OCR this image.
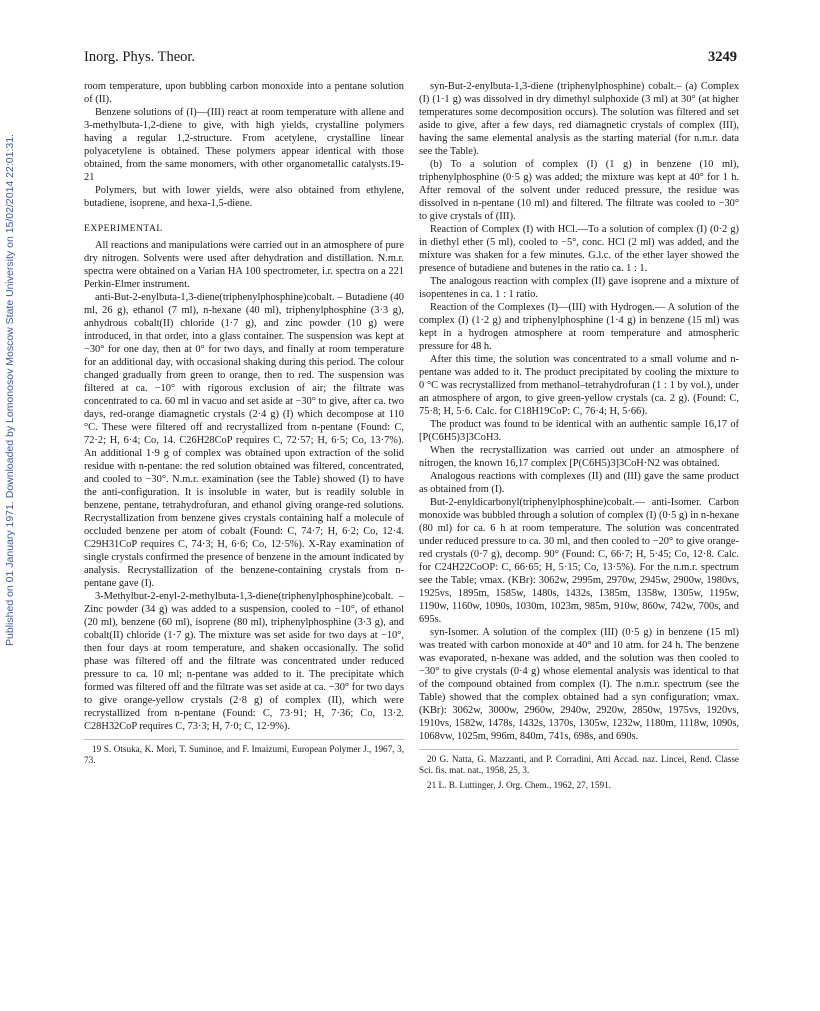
Published on 01 January 1971. Downloaded by Lomonosov Moscow State University on 15/02/2014 22:01:31.
Inorg. Phys. Theor.	3249

room temperature, upon bubbling carbon monoxide into a pentane solution of (II).

Benzene solutions of (I)—(III) react at room temperature with allene and 3-methylbuta-1,2-diene to give, with high yields, crystalline polymers having a regular 1,2-structure. From acetylene, crystalline linear polyacetylene is obtained. These polymers appear identical with those obtained, from the same monomers, with other organometallic catalysts.19-21

Polymers, but with lower yields, were also obtained from ethylene, butadiene, isoprene, and hexa-1,5-diene.

EXPERIMENTAL

All reactions and manipulations were carried out in an atmosphere of pure dry nitrogen. Solvents were used after dehydration and distillation. N.m.r. spectra were obtained on a Varian HA 100 spectrometer, i.r. spectra on a 221 Perkin-Elmer instrument.

anti-But-2-enylbuta-1,3-diene(triphenylphosphine)cobalt. – Butadiene (40 ml, 26 g), ethanol (7 ml), n-hexane (40 ml), triphenylphosphine (3·3 g), anhydrous cobalt(II) chloride (1·7 g), and zinc powder (10 g) were introduced, in that order, into a glass container. The suspension was kept at −30° for one day, then at 0° for two days, and finally at room temperature for an additional day, with occasional shaking during this period. The colour changed gradually from green to orange, then to red. The suspension was filtered at ca. −10° with rigorous exclusion of air; the filtrate was concentrated to ca. 60 ml in vacuo and set aside at −30° to give, after ca. two days, red-orange diamagnetic crystals (2·4 g) (I) which decompose at 110 °C. These were filtered off and recrystallized from n-pentane (Found: C, 72·2; H, 6·4; Co, 14. C26H28CoP requires C, 72·57; H, 6·5; Co, 13·7%). An additional 1·9 g of complex was obtained upon extraction of the solid residue with n-pentane: the red solution obtained was filtered, concentrated, and cooled to −30°. N.m.r. examination (see the Table) showed (I) to have the anti-configuration. It is insoluble in water, but is readily soluble in benzene, pentane, tetrahydrofuran, and ethanol giving orange-red solutions. Recrystallization from benzene gives crystals containing half a molecule of occluded benzene per atom of cobalt (Found: C, 74·7; H, 6·2; Co, 12·4. C29H31CoP requires C, 74·3; H, 6·6; Co, 12·5%). X-Ray examination of single crystals confirmed the presence of benzene in the amount indicated by analysis. Recrystallization of the benzene-containing crystals from n-pentane gave (I).

3-Methylbut-2-enyl-2-methylbuta-1,3-diene(triphenylphosphine)cobalt. –Zinc powder (34 g) was added to a suspension, cooled to −10°, of ethanol (20 ml), benzene (60 ml), isoprene (80 ml), triphenylphosphine (3·3 g), and cobalt(II) chloride (1·7 g). The mixture was set aside for two days at −10°, then four days at room temperature, and shaken occasionally. The solid phase was filtered off and the filtrate was concentrated under reduced pressure to ca. 10 ml; n-pentane was added to it. The precipitate which formed was filtered off and the filtrate was set aside at ca. −30° for two days to give orange-yellow crystals (2·8 g) of complex (II), which were recrystallized from n-pentane (Found: C, 73·91; H, 7·36; Co, 13·2. C28H32CoP requires C, 73·3; H, 7·0; C, 12·9%).

19 S. Otsuka, K. Mori, T. Suminoe, and F. Imaizumi, European Polymer J., 1967, 3, 73.

syn-But-2-enylbuta-1,3-diene (triphenylphosphine) cobalt.– (a) Complex (I) (1·1 g) was dissolved in dry dimethyl sulphoxide (3 ml) at 30° (at higher temperatures some decomposition occurs). The solution was filtered and set aside to give, after a few days, red diamagnetic crystals of complex (III), having the same elemental analysis as the starting material (for n.m.r. data see the Table).

(b) To a solution of complex (I) (1 g) in benzene (10 ml), triphenylphosphine (0·5 g) was added; the mixture was kept at 40° for 1 h. After removal of the solvent under reduced pressure, the residue was dissolved in n-pentane (10 ml) and filtered. The filtrate was cooled to −30° to give crystals of (III).

Reaction of Complex (I) with HCl.—To a solution of complex (I) (0·2 g) in diethyl ether (5 ml), cooled to −5°, conc. HCl (2 ml) was added, and the mixture was shaken for a few minutes. G.l.c. of the ether layer showed the presence of butadiene and butenes in the ratio ca. 1 : 1.

The analogous reaction with complex (II) gave isoprene and a mixture of isopentenes in ca. 1 : 1 ratio.

Reaction of the Complexes (I)—(III) with Hydrogen.— A solution of the complex (I) (1·2 g) and triphenylphosphine (1·4 g) in benzene (15 ml) was kept in a hydrogen atmosphere at room temperature and atmospheric pressure for 48 h.

After this time, the solution was concentrated to a small volume and n-pentane was added to it. The product precipitated by cooling the mixture to 0 °C was recrystallized from methanol–tetrahydrofuran (1 : 1 by vol.), under an atmosphere of argon, to give green-yellow crystals (ca. 2 g). (Found: C, 75·8; H, 5·6. Calc. for C18H19CoP: C, 76·4; H, 5·66).

The product was found to be identical with an authentic sample 16,17 of [P(C6H5)3]3CoH3.

When the recrystallization was carried out under an atmosphere of nitrogen, the known 16,17 complex [P(C6H5)3]3CoH·N2 was obtained.

Analogous reactions with complexes (II) and (III) gave the same product as obtained from (I).

But-2-enyldicarbonyl(triphenylphosphine)cobalt.— anti-Isomer. Carbon monoxide was bubbled through a solution of complex (I) (0·5 g) in n-hexane (80 ml) for ca. 6 h at room temperature. The solution was concentrated under reduced pressure to ca. 30 ml, and then cooled to −20° to give orange-red crystals (0·7 g), decomp. 90° (Found: C, 66·7; H, 5·45; Co, 12·8. Calc. for C24H22CoOP: C, 66·65; H, 5·15; Co, 13·5%). For the n.m.r. spectrum see the Table; νmax. (KBr): 3062w, 2995m, 2970w, 2945w, 2900w, 1980vs, 1925vs, 1895m, 1585w, 1480s, 1432s, 1385m, 1358w, 1305w, 1195w, 1190w, 1160w, 1090s, 1030m, 1023m, 985m, 910w, 860w, 742w, 700s, and 695s.

syn-Isomer. A solution of the complex (III) (0·5 g) in benzene (15 ml) was treated with carbon monoxide at 40° and 10 atm. for 24 h. The benzene was evaporated, n-hexane was added, and the solution was then cooled to −30° to give crystals (0·4 g) whose elemental analysis was identical to that of the compound obtained from complex (I). The n.m.r. spectrum (see the Table) showed that the complex obtained had a syn configuration; νmax. (KBr): 3062w, 3000w, 2960w, 2940w, 2920w, 2850w, 1975vs, 1920vs, 1910vs, 1582w, 1478s, 1432s, 1370s, 1305w, 1232w, 1180m, 1118w, 1090s, 1068vw, 1025m, 996m, 840m, 741s, 698s, and 690s.

20 G. Natta, G. Mazzanti, and P. Corradini, Atti Accad. naz. Lincei, Rend. Classe Sci. fis. mat. nat., 1958, 25, 3.

21 L. B. Luttinger, J. Org. Chem., 1962, 27, 1591.
